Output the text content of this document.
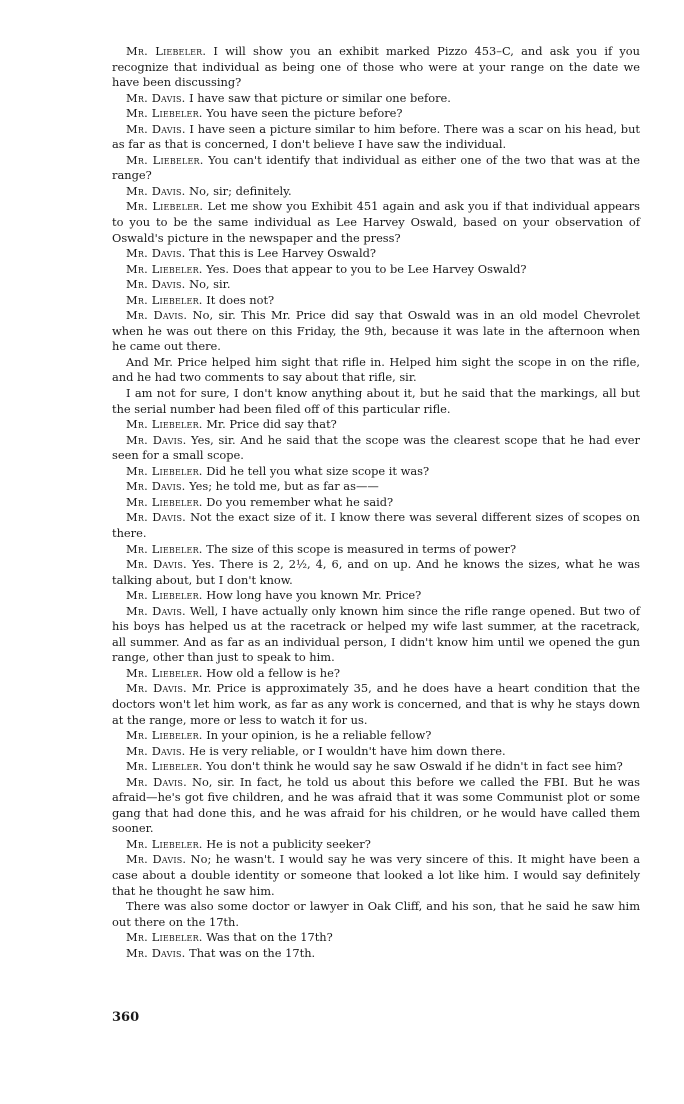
Mr. Liebeler. I will show you an exhibit marked Pizzo 453–C, and ask you if you recognize that individual as being one of those who were at your range on the date we have been discussing?

Mr. Davis. I have saw that picture or similar one before.

Mr. Liebeler. You have seen the picture before?

Mr. Davis. I have seen a picture similar to him before. There was a scar on his head, but as far as that is concerned, I don't believe I have saw the individual.

Mr. Liebeler. You can't identify that individual as either one of the two that was at the range?

Mr. Davis. No, sir; definitely.

Mr. Liebeler. Let me show you Exhibit 451 again and ask you if that individual appears to you to be the same individual as Lee Harvey Oswald, based on your observation of Oswald's picture in the newspaper and the press?

Mr. Davis. That this is Lee Harvey Oswald?

Mr. Liebeler. Yes. Does that appear to you to be Lee Harvey Oswald?

Mr. Davis. No, sir.

Mr. Liebeler. It does not?

Mr. Davis. No, sir. This Mr. Price did say that Oswald was in an old model Chevrolet when he was out there on this Friday, the 9th, because it was late in the afternoon when he came out there.

And Mr. Price helped him sight that rifle in. Helped him sight the scope in on the rifle, and he had two comments to say about that rifle, sir.

I am not for sure, I don't know anything about it, but he said that the markings, all but the serial number had been filed off of this particular rifle.

Mr. Liebeler. Mr. Price did say that?

Mr. Davis. Yes, sir. And he said that the scope was the clearest scope that he had ever seen for a small scope.

Mr. Liebeler. Did he tell you what size scope it was?

Mr. Davis. Yes; he told me, but as far as——

Mr. Liebeler. Do you remember what he said?

Mr. Davis. Not the exact size of it. I know there was several different sizes of scopes on there.

Mr. Liebeler. The size of this scope is measured in terms of power?

Mr. Davis. Yes. There is 2, 2½, 4, 6, and on up. And he knows the sizes, what he was talking about, but I don't know.

Mr. Liebeler. How long have you known Mr. Price?

Mr. Davis. Well, I have actually only known him since the rifle range opened. But two of his boys has helped us at the racetrack or helped my wife last summer, at the racetrack, all summer. And as far as an individual person, I didn't know him until we opened the gun range, other than just to speak to him.

Mr. Liebeler. How old a fellow is he?

Mr. Davis. Mr. Price is approximately 35, and he does have a heart condition that the doctors won't let him work, as far as any work is concerned, and that is why he stays down at the range, more or less to watch it for us.

Mr. Liebeler. In your opinion, is he a reliable fellow?

Mr. Davis. He is very reliable, or I wouldn't have him down there.

Mr. Liebeler. You don't think he would say he saw Oswald if he didn't in fact see him?

Mr. Davis. No, sir. In fact, he told us about this before we called the FBI. But he was afraid—he's got five children, and he was afraid that it was some Communist plot or some gang that had done this, and he was afraid for his children, or he would have called them sooner.

Mr. Liebeler. He is not a publicity seeker?

Mr. Davis. No; he wasn't. I would say he was very sincere of this. It might have been a case about a double identity or someone that looked a lot like him. I would say definitely that he thought he saw him.

There was also some doctor or lawyer in Oak Cliff, and his son, that he said he saw him out there on the 17th.

Mr. Liebeler. Was that on the 17th?

Mr. Davis. That was on the 17th.

360
